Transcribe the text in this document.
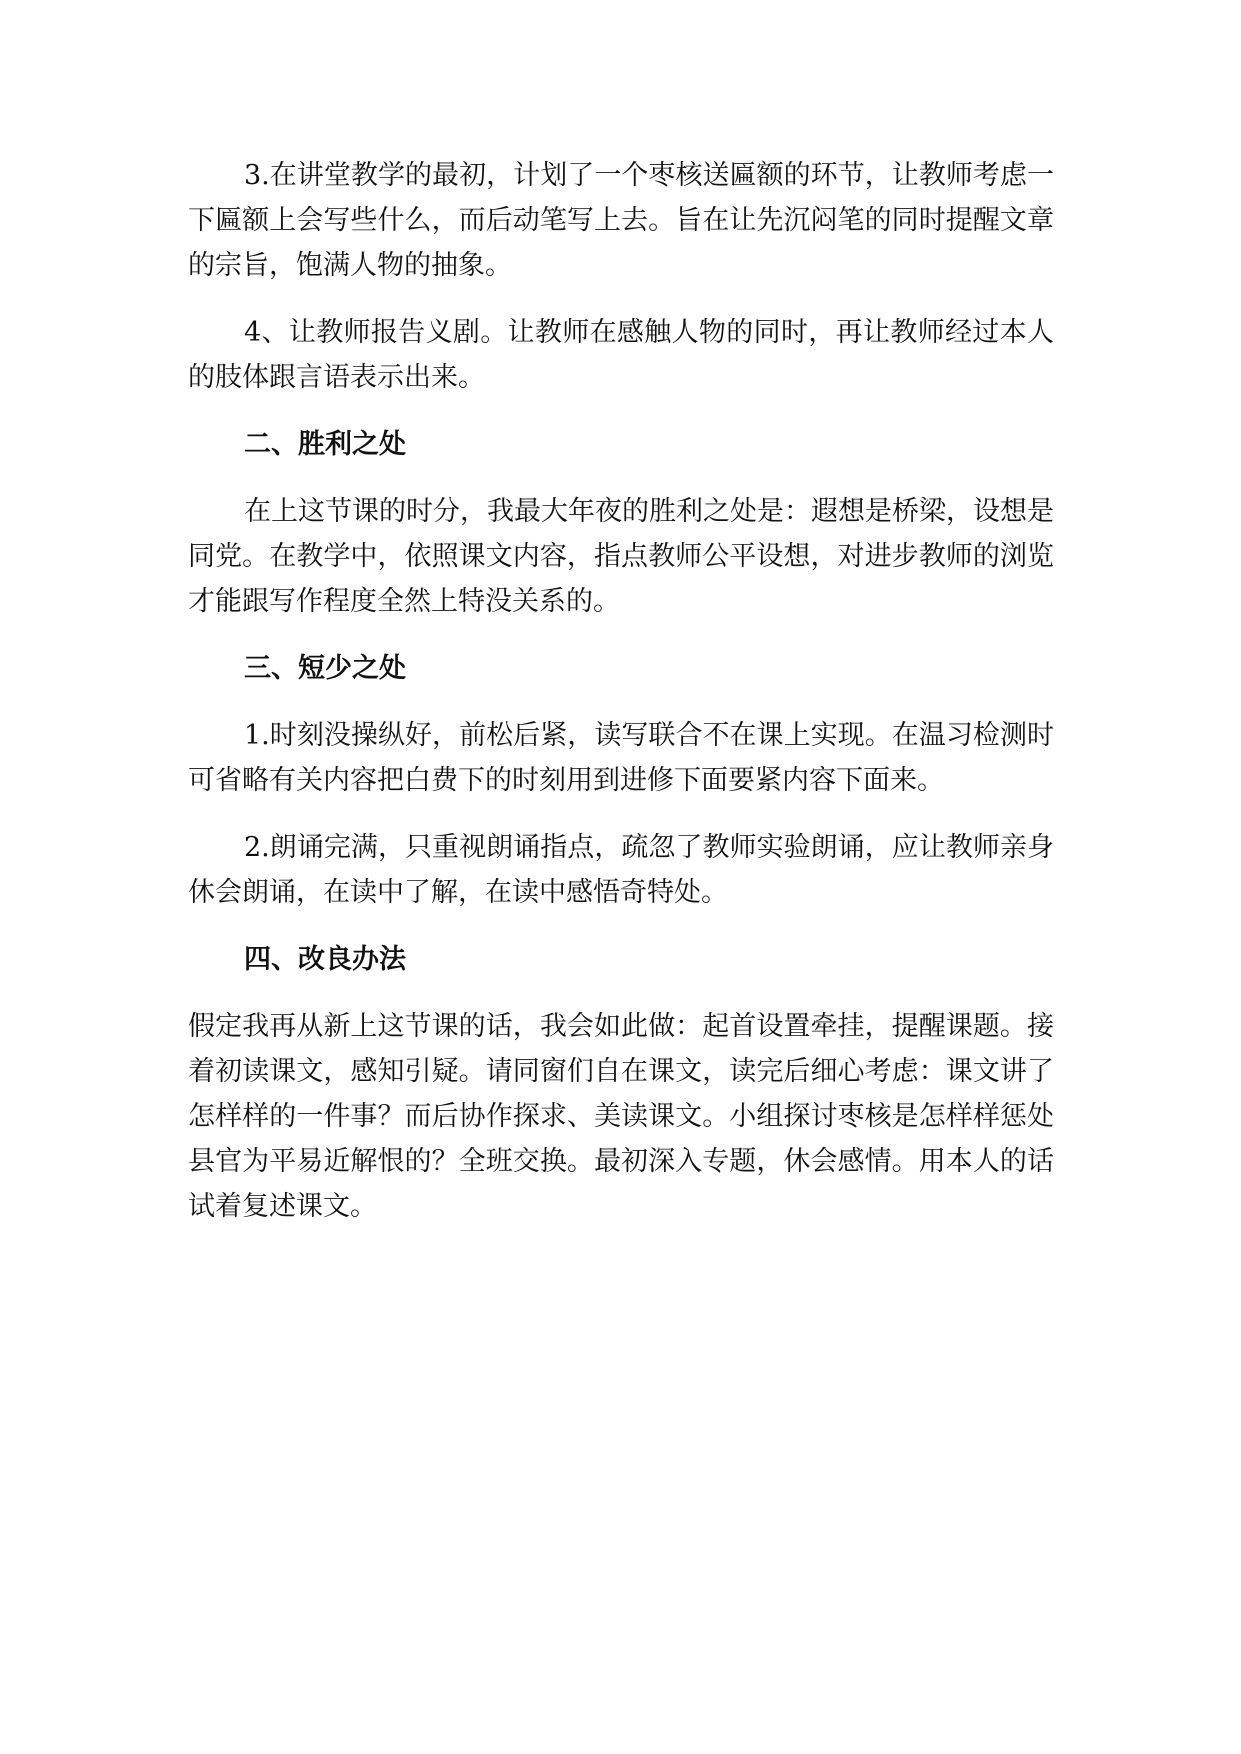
3.在讲堂教学的最初，计划了一个枣核送匾额的环节，让教师考虑一下匾额上会写些什么，而后动笔写上去。旨在让先沉闷笔的同时提醒文章的宗旨，饱满人物的抽象。

4、让教师报告义剧。让教师在感触人物的同时，再让教师经过本人的肢体跟言语表示出来。

二、胜利之处

在上这节课的时分，我最大年夜的胜利之处是：遐想是桥梁，设想是同党。在教学中，依照课文内容，指点教师公平设想，对进步教师的浏览才能跟写作程度全然上特没关系的。

三、短少之处

1.时刻没操纵好，前松后紧，读写联合不在课上实现。在温习检测时可省略有关内容把白费下的时刻用到进修下面要紧内容下面来。

2.朗诵完满，只重视朗诵指点，疏忽了教师实验朗诵，应让教师亲身休会朗诵，在读中了解，在读中感悟奇特处。

四、改良办法

假定我再从新上这节课的话，我会如此做：起首设置牵挂，提醒课题。接着初读课文，感知引疑。请同窗们自在课文，读完后细心考虑：课文讲了怎样样的一件事？而后协作探求、美读课文。小组探讨枣核是怎样样惩处县官为平易近解恨的？全班交换。最初深入专题，休会感情。用本人的话试着复述课文。
